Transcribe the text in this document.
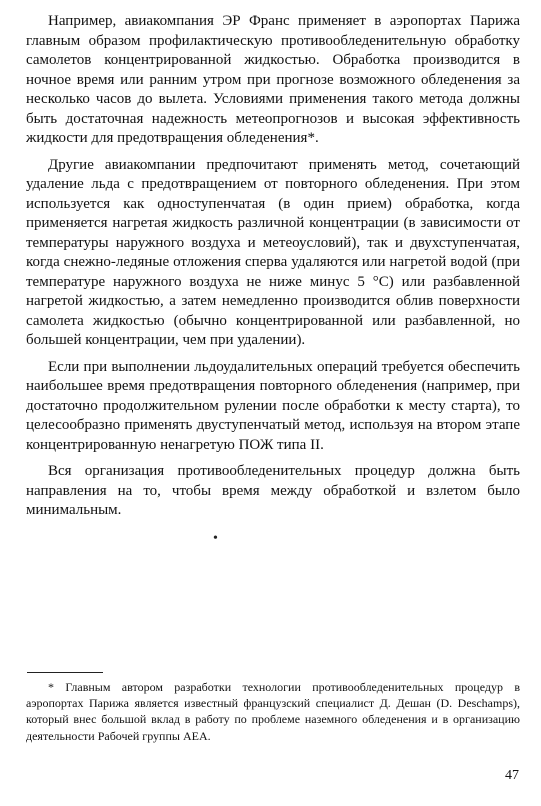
Например, авиакомпания ЭР Франс применяет в аэропортах Парижа главным образом профилактическую противообледенительную обработку самолетов концентрированной жидкостью. Обработка производится в ночное время или ранним утром при прогнозе возможного обледенения за несколько часов до вылета. Условиями применения такого метода должны быть достаточная надежность метеопрогнозов и высокая эффективность жидкости для предотвращения обледенения*.

Другие авиакомпании предпочитают применять метод, сочетающий удаление льда с предотвращением от повторного обледенения. При этом используется как одноступенчатая (в один прием) обработка, когда применяется нагретая жидкость различной концентрации (в зависимости от температуры наружного воздуха и метеоусловий), так и двухступенчатая, когда снежно-ледяные отложения сперва удаляются или нагретой водой (при температуре наружного воздуха не ниже минус 5 °С) или разбавленной нагретой жидкостью, а затем немедленно производится облив поверхности самолета жидкостью (обычно концентрированной или разбавленной, но большей концентрации, чем при удалении).

Если при выполнении льдоудалительных операций требуется обеспечить наибольшее время предотвращения повторного обледенения (например, при достаточно продолжительном рулении после обработки к месту старта), то целесообразно применять двуступенчатый метод, используя на втором этапе концентрированную ненагретую ПОЖ типа II.

Вся организация противообледенительных процедур должна быть направления на то, чтобы время между обработкой и взлетом было минимальным.

•

* Главным автором разработки технологии противообледенительных процедур в аэропортах Парижа является известный французский специалист Д. Дешан (D. Deschamps), который внес большой вклад в работу по проблеме наземного обледенения и в организацию деятельности Рабочей группы АЕА.

47
